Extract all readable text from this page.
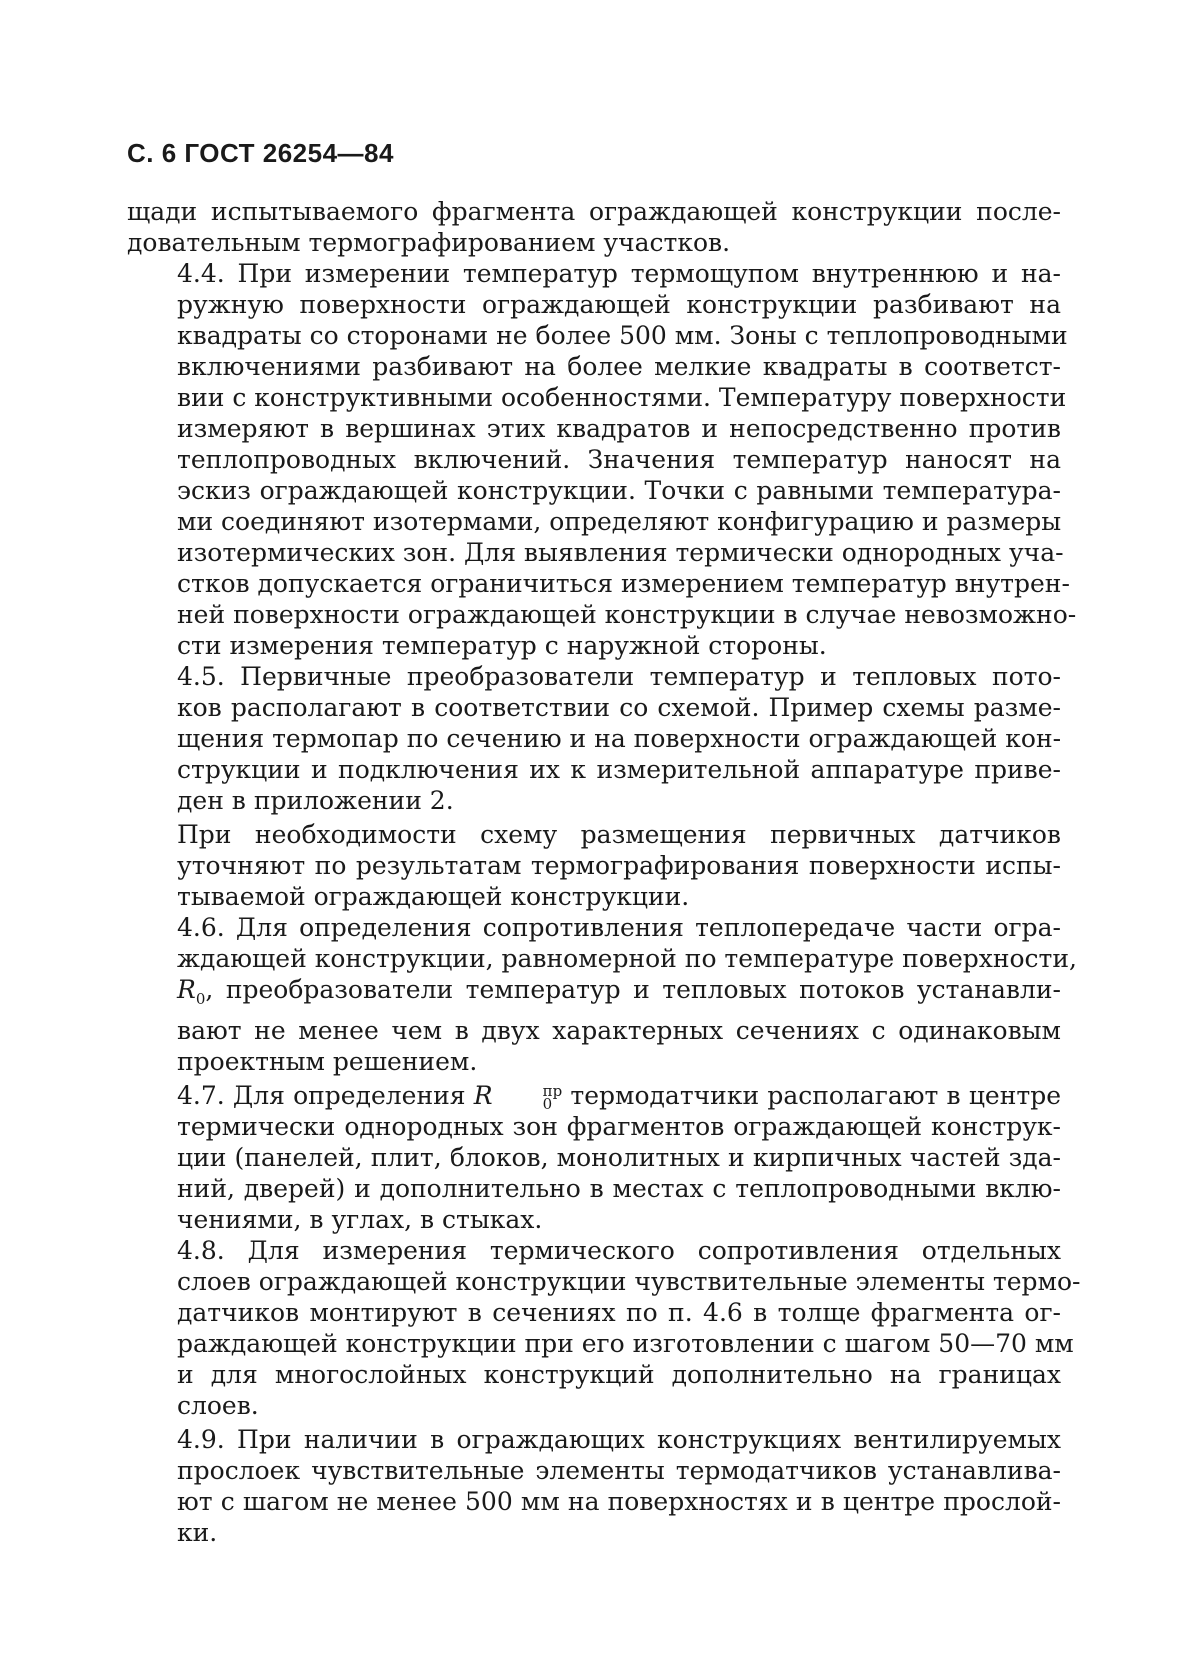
С. 6 ГОСТ 26254—84
щади испытываемого фрагмента ограждающей конструкции после-
довательным термографированием участков.
4.4. При измерении температур термощупом внутреннюю и на-
ружную поверхности ограждающей конструкции разбивают на
квадраты со сторонами не более 500 мм. Зоны с теплопроводными
включениями разбивают на более мелкие квадраты в соответст-
вии с конструктивными особенностями. Температуру поверхности
измеряют в вершинах этих квадратов и непосредственно против
теплопроводных включений. Значения температур наносят на
эскиз ограждающей конструкции. Точки с равными температура-
ми соединяют изотермами, определяют конфигурацию и размеры
изотермических зон. Для выявления термически однородных уча-
стков допускается ограничиться измерением температур внутрен-
ней поверхности ограждающей конструкции в случае невозможно-
сти измерения температур с наружной стороны.
4.5. Первичные преобразователи температур и тепловых пото-
ков располагают в соответствии со схемой. Пример схемы разме-
щения термопар по сечению и на поверхности ограждающей кон-
струкции и подключения их к измерительной аппаратуре приве-
ден в приложении 2.
При необходимости схему размещения первичных датчиков
уточняют по результатам термографирования поверхности испы-
тываемой ограждающей конструкции.
4.6. Для определения сопротивления теплопередаче части огра-
ждающей конструкции, равномерной по температуре поверхности,
$R_0$, преобразователи температур и тепловых потоков устанавли-
вают не менее чем в двух характерных сечениях с одинаковым
проектным решением.
4.7. Для определения R	пр
0 термодатчики располагают в центре
термически однородных зон фрагментов ограждающей конструк-
ции (панелей, плит, блоков, монолитных и кирпичных частей зда-
ний, дверей) и дополнительно в местах с теплопроводными вклю-
чениями, в углах, в стыках.
4.8. Для измерения термического сопротивления отдельных
слоев ограждающей конструкции чувствительные элементы термо-
датчиков монтируют в сечениях по п. 4.6 в толще фрагмента ог-
раждающей конструкции при его изготовлении с шагом 50—70 мм
и для многослойных конструкций дополнительно на границах
слоев.
4.9. При наличии в ограждающих конструкциях вентилируемых
прослоек чувствительные элементы термодатчиков устанавлива-
ют с шагом не менее 500 мм на поверхностях и в центре прослой-
ки.
